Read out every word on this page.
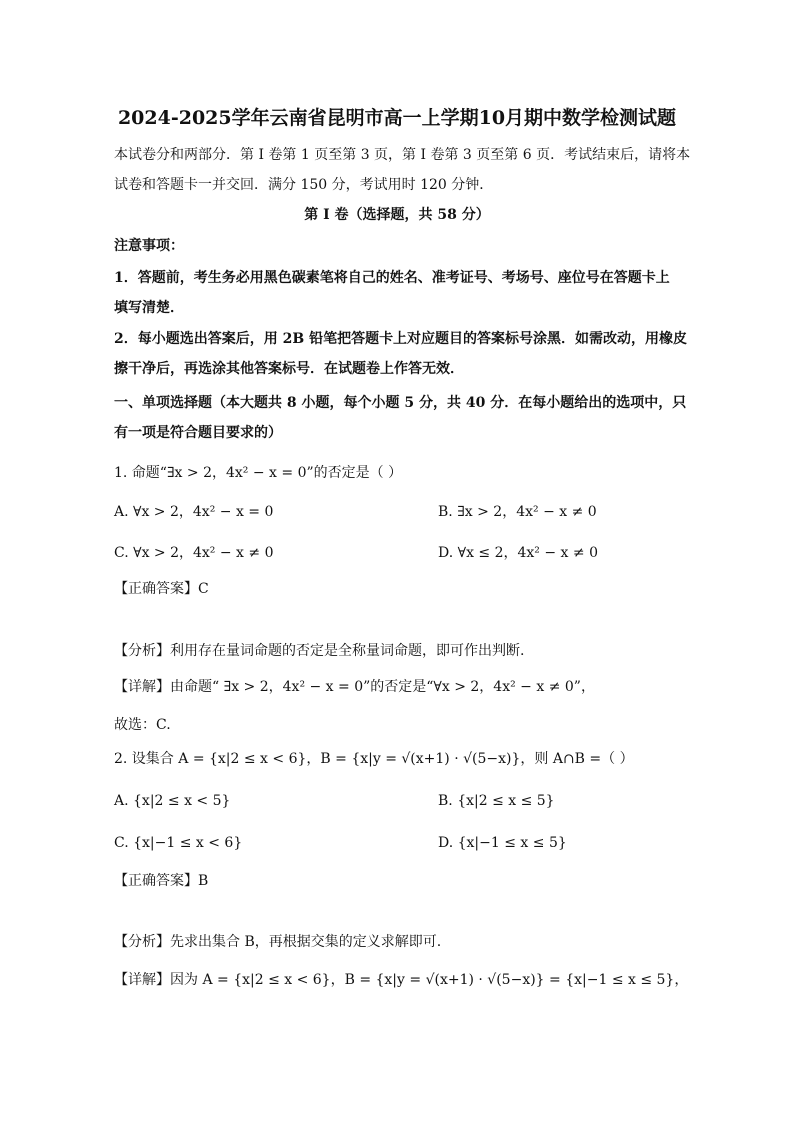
2024-2025学年云南省昆明市高一上学期10月期中数学检测试题
本试卷分和两部分．第 I 卷第 1 页至第 3 页，第 I 卷第 3 页至第 6 页．考试结束后，请将本
试卷和答题卡一并交回．满分 150 分，考试用时 120 分钟．
第 I 卷（选择题，共 58 分）
注意事项：
1．答题前，考生务必用黑色碳素笔将自己的姓名、准考证号、考场号、座位号在答题卡上
填写清楚．
2．每小题选出答案后，用 2B 铅笔把答题卡上对应题目的答案标号涂黑．如需改动，用橡皮
擦干净后，再选涂其他答案标号．在试题卷上作答无效．
一、单项选择题（本大题共 8 小题，每个小题 5 分，共 40 分．在每小题给出的选项中，只
有一项是符合题目要求的）
1. 命题“∃x > 2，4x² − x = 0”的否定是（ ）
A. ∀x > 2，4x² − x = 0	B. ∃x > 2，4x² − x ≠ 0
C. ∀x > 2，4x² − x ≠ 0	D. ∀x ≤ 2，4x² − x ≠ 0
【正确答案】C
【分析】利用存在量词命题的否定是全称量词命题，即可作出判断.
【详解】由命题“ ∃x > 2，4x² − x = 0”的否定是“∀x > 2，4x² − x ≠ 0”，
故选：C.
2. 设集合 A = {x|2 ≤ x < 6}，B = {x|y = √(x+1) · √(5−x)}，则 A∩B =（ ）
A. {x|2 ≤ x < 5}	B. {x|2 ≤ x ≤ 5}
C. {x|−1 ≤ x < 6}	D. {x|−1 ≤ x ≤ 5}
【正确答案】B
【分析】先求出集合 B，再根据交集的定义求解即可.
【详解】因为 A = {x|2 ≤ x < 6}，B = {x|y = √(x+1) · √(5−x)} = {x|−1 ≤ x ≤ 5}，
